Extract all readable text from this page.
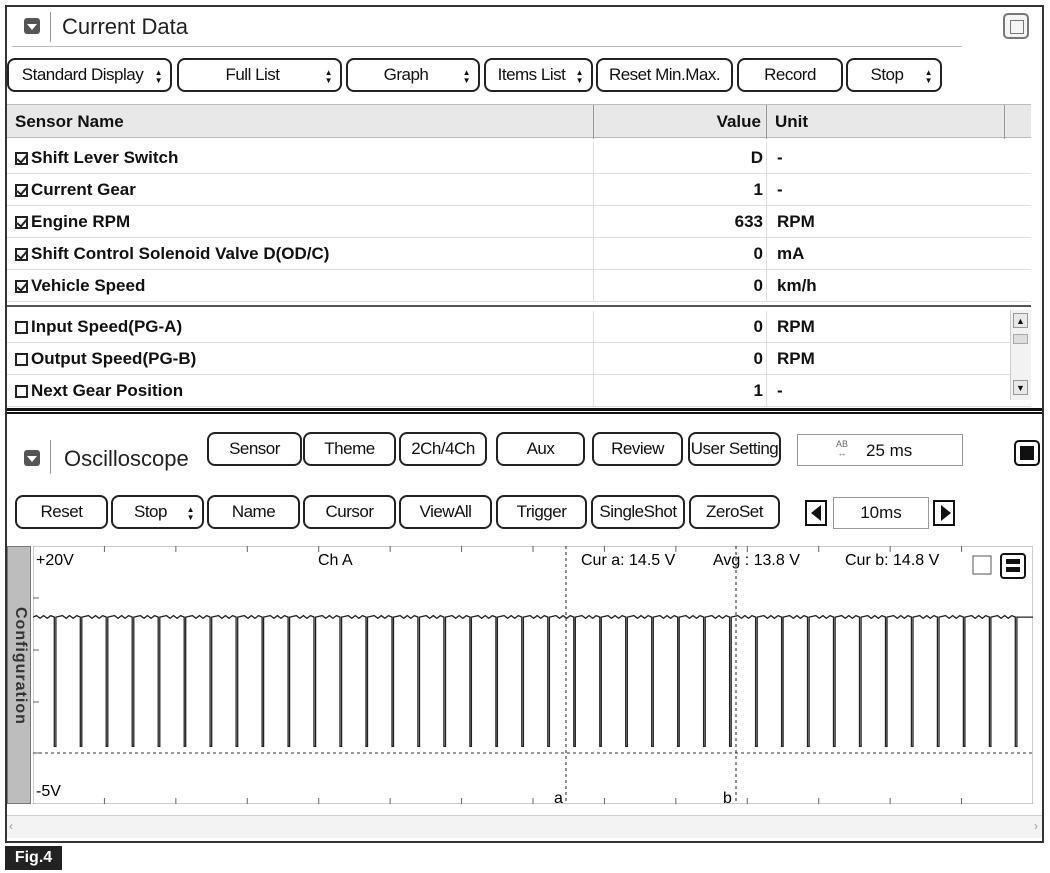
Current Data
Standard Display ▲
▼	Full List	▲
▼	Graph	▲
▼ Items List ▲
▼ Reset Min.Max.	Record	Stop	▲
▼
Sensor Name	Value Unit
Shift Lever Switch	D -
Current Gear	1 -
Engine RPM	633 RPM
Shift Control Solenoid Valve D(OD/C)	0 mA
Vehicle Speed	0 km/h
Input Speed(PG-A)	0 RPM
Output Speed(PG-B)	0 RPM
Next Gear Position	1 -
▲
▼
Oscilloscope	Sensor	Theme	2Ch/4Ch	Aux	Review	User Setting	AB
↔ 25 ms
Reset	Stop ▲
▼ Name	Cursor	ViewAll	Trigger SingleShot ZeroSet	10ms
Configuration
+20V
-5V
Ch A	Cur a: 14.5 V Avg : 13.8 V	Cur b: 14.8 V
a	b
‹	›
Fig.4
